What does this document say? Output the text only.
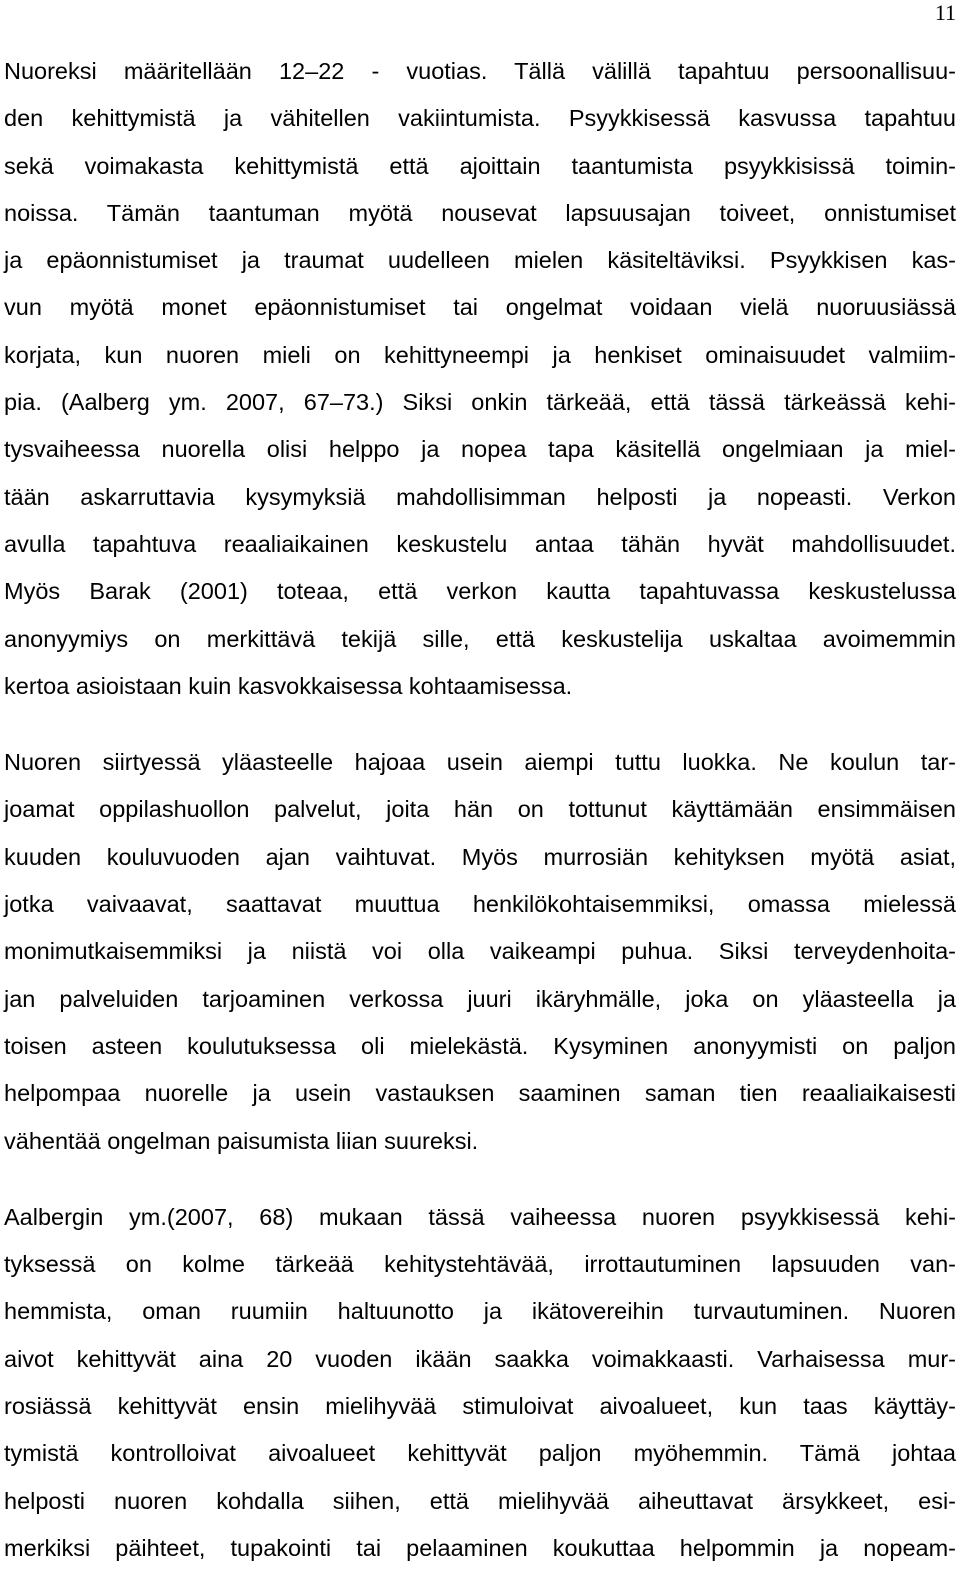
11
Nuoreksi määritellään 12–22 - vuotias. Tällä välillä tapahtuu persoonallisuu-
den kehittymistä ja vähitellen vakiintumista. Psyykkisessä kasvussa tapahtuu
sekä voimakasta kehittymistä että ajoittain taantumista psyykkisissä toimin-
noissa. Tämän taantuman myötä nousevat lapsuusajan toiveet, onnistumiset
ja epäonnistumiset ja traumat uudelleen mielen käsiteltäviksi. Psyykkisen kas-
vun myötä monet epäonnistumiset tai ongelmat voidaan vielä nuoruusiässä
korjata, kun nuoren mieli on kehittyneempi ja henkiset ominaisuudet valmiim-
pia. (Aalberg ym. 2007, 67–73.) Siksi onkin tärkeää, että tässä tärkeässä kehi-
tysvaiheessa nuorella olisi helppo ja nopea tapa käsitellä ongelmiaan ja miel-
tään askarruttavia kysymyksiä mahdollisimman helposti ja nopeasti. Verkon
avulla tapahtuva reaaliaikainen keskustelu antaa tähän hyvät mahdollisuudet.
Myös Barak (2001) toteaa, että verkon kautta tapahtuvassa keskustelussa
anonyymiys on merkittävä tekijä sille, että keskustelija uskaltaa avoimemmin
kertoa asioistaan kuin kasvokkaisessa kohtaamisessa.
Nuoren siirtyessä yläasteelle hajoaa usein aiempi tuttu luokka. Ne koulun tar-
joamat oppilashuollon palvelut, joita hän on tottunut käyttämään ensimmäisen
kuuden kouluvuoden ajan vaihtuvat. Myös murrosiän kehityksen myötä asiat,
jotka vaivaavat, saattavat muuttua henkilökohtaisemmiksi, omassa mielessä
monimutkaisemmiksi ja niistä voi olla vaikeampi puhua. Siksi terveydenhoita-
jan palveluiden tarjoaminen verkossa juuri ikäryhmälle, joka on yläasteella ja
toisen asteen koulutuksessa oli mielekästä. Kysyminen anonyymisti on paljon
helpompaa nuorelle ja usein vastauksen saaminen saman tien reaaliaikaisesti
vähentää ongelman paisumista liian suureksi.
Aalbergin ym.(2007, 68) mukaan tässä vaiheessa nuoren psyykkisessä kehi-
tyksessä on kolme tärkeää kehitystehtävää, irrottautuminen lapsuuden van-
hemmista, oman ruumiin haltuunotto ja ikätovereihin turvautuminen. Nuoren
aivot kehittyvät aina 20 vuoden ikään saakka voimakkaasti. Varhaisessa mur-
rosiässä kehittyvät ensin mielihyvää stimuloivat aivoalueet, kun taas käyttäy-
tymistä kontrolloivat aivoalueet kehittyvät paljon myöhemmin. Tämä johtaa
helposti nuoren kohdalla siihen, että mielihyvää aiheuttavat ärsykkeet, esi-
merkiksi päihteet, tupakointi tai pelaaminen koukuttaa helpommin ja nopeam-
